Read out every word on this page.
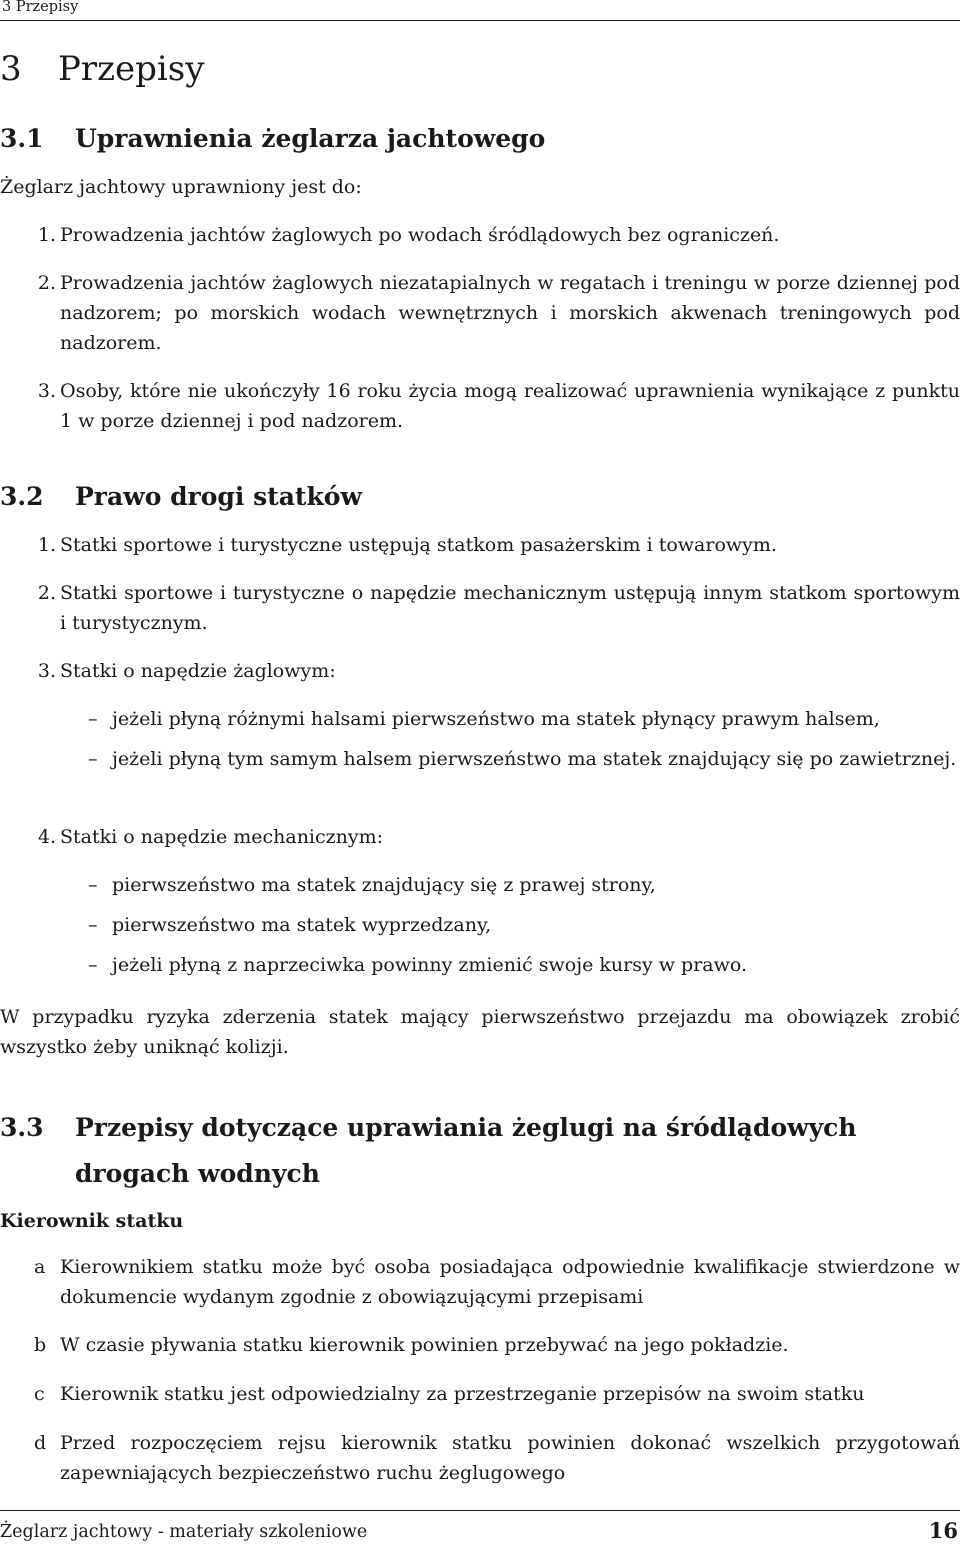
3 Przepisy
3 Przepisy
3.1 Uprawnienia żeglarza jachtowego

Żeglarz jachtowy uprawniony jest do:

1. Prowadzenia jachtów żaglowych po wodach śródlądowych bez ograniczeń.
2. Prowadzenia jachtów żaglowych niezatapialnych w regatach i treningu w porze dziennej pod nadzorem; po morskich wodach wewnętrznych i morskich akwenach treningowych pod nadzorem.
3. Osoby, które nie ukończyły 16 roku życia mogą realizować uprawnienia wynikające z punktu 1 w porze dziennej i pod nadzorem.
3.2 Prawo drogi statków
1. Statki sportowe i turystyczne ustępują statkom pasażerskim i towarowym.
2. Statki sportowe i turystyczne o napędzie mechanicznym ustępują innym statkom sportowym i turystycznym.
3. Statki o napędzie żaglowym:
– jeżeli płyną różnymi halsami pierwszeństwo ma statek płynący prawym halsem,
– jeżeli płyną tym samym halsem pierwszeństwo ma statek znajdujący się po zawietrznej.
4. Statki o napędzie mechanicznym:
– pierwszeństwo ma statek znajdujący się z prawej strony,
– pierwszeństwo ma statek wyprzedzany,
– jeżeli płyną z naprzeciwka powinny zmienić swoje kursy w prawo.

W przypadku ryzyka zderzenia statek mający pierwszeństwo przejazdu ma obowiązek zrobić wszystko żeby uniknąć kolizji.

3.3 Przepisy dotyczące uprawiania żeglugi na śródlądowych drogach wodnych
Kierownik statku
a Kierownikiem statku może być osoba posiadająca odpowiednie kwalifikacje stwierdzone w dokumencie wydanym zgodnie z obowiązującymi przepisami
b W czasie pływania statku kierownik powinien przebywać na jego pokładzie.
c Kierownik statku jest odpowiedzialny za przestrzeganie przepisów na swoim statku
d Przed rozpoczęciem rejsu kierownik statku powinien dokonać wszelkich przygotowań zapewniających bezpieczeństwo ruchu żeglugowego
Żeglarz jachtowy - materiały szkoleniowe	16
